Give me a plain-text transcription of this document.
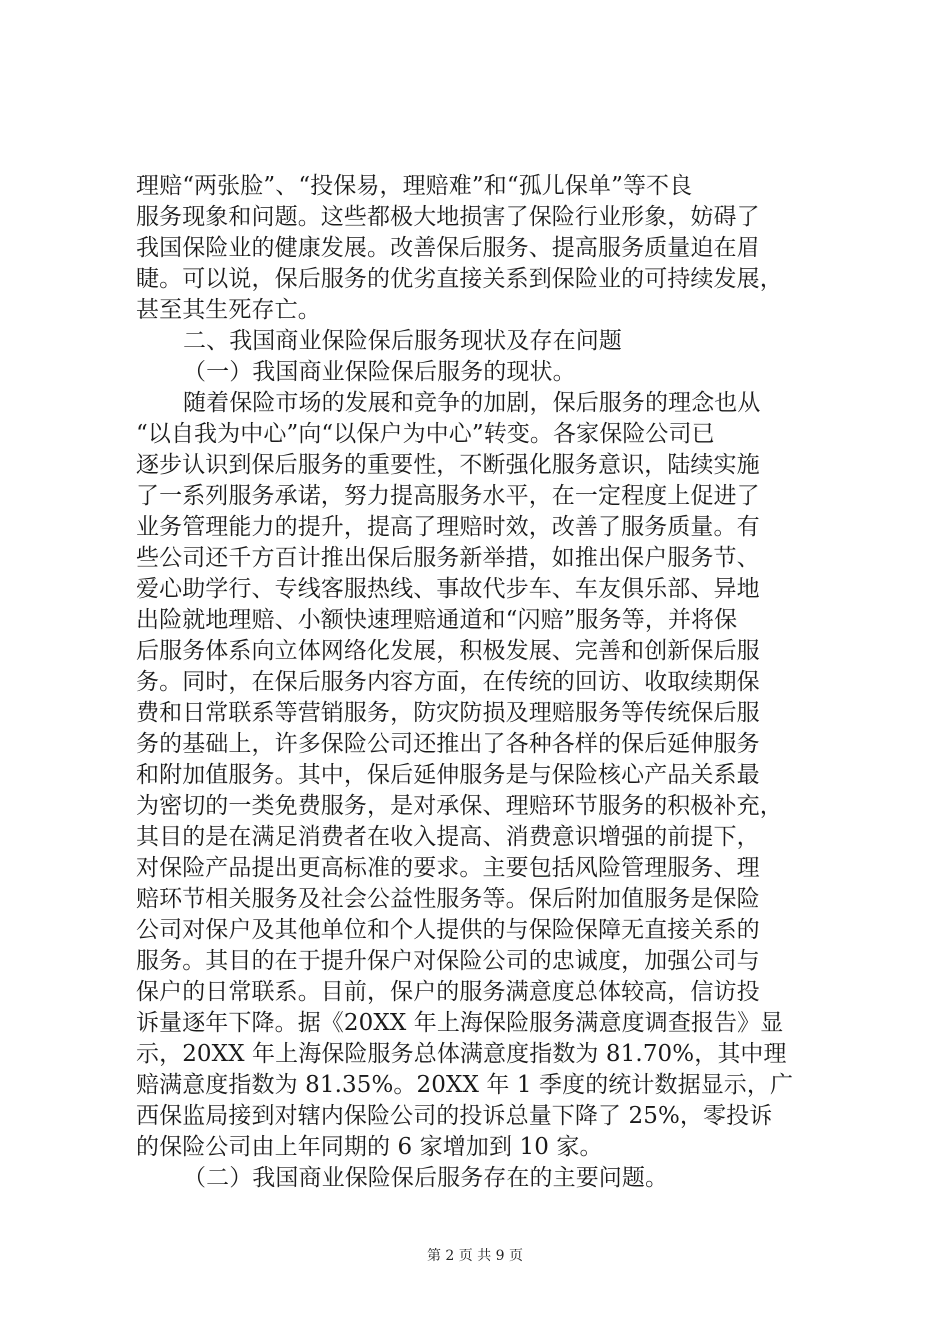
理赔“两张脸”、“投保易，理赔难”和“孤儿保单”等不良
服务现象和问题。这些都极大地损害了保险行业形象，妨碍了
我国保险业的健康发展。改善保后服务、提高服务质量迫在眉
睫。可以说，保后服务的优劣直接关系到保险业的可持续发展，
甚至其生死存亡。
二、我国商业保险保后服务现状及存在问题
（一）我国商业保险保后服务的现状。
随着保险市场的发展和竞争的加剧，保后服务的理念也从
“以自我为中心”向“以保户为中心”转变。各家保险公司已
逐步认识到保后服务的重要性，不断强化服务意识，陆续实施
了一系列服务承诺，努力提高服务水平，在一定程度上促进了
业务管理能力的提升，提高了理赔时效，改善了服务质量。有
些公司还千方百计推出保后服务新举措，如推出保户服务节、
爱心助学行、专线客服热线、事故代步车、车友俱乐部、异地
出险就地理赔、小额快速理赔通道和“闪赔”服务等，并将保
后服务体系向立体网络化发展，积极发展、完善和创新保后服
务。同时，在保后服务内容方面，在传统的回访、收取续期保
费和日常联系等营销服务，防灾防损及理赔服务等传统保后服
务的基础上，许多保险公司还推出了各种各样的保后延伸服务
和附加值服务。其中，保后延伸服务是与保险核心产品关系最
为密切的一类免费服务，是对承保、理赔环节服务的积极补充，
其目的是在满足消费者在收入提高、消费意识增强的前提下，
对保险产品提出更高标准的要求。主要包括风险管理服务、理
赔环节相关服务及社会公益性服务等。保后附加值服务是保险
公司对保户及其他单位和个人提供的与保险保障无直接关系的
服务。其目的在于提升保户对保险公司的忠诚度，加强公司与
保户的日常联系。目前，保户的服务满意度总体较高，信访投
诉量逐年下降。据《20XX 年上海保险服务满意度调查报告》显
示，20XX 年上海保险服务总体满意度指数为 81.70%，其中理
赔满意度指数为 81.35%。20XX 年 1 季度的统计数据显示，广
西保监局接到对辖内保险公司的投诉总量下降了 25%，零投诉
的保险公司由上年同期的 6 家增加到 10 家。
（二）我国商业保险保后服务存在的主要问题。
第 2 页 共 9 页
